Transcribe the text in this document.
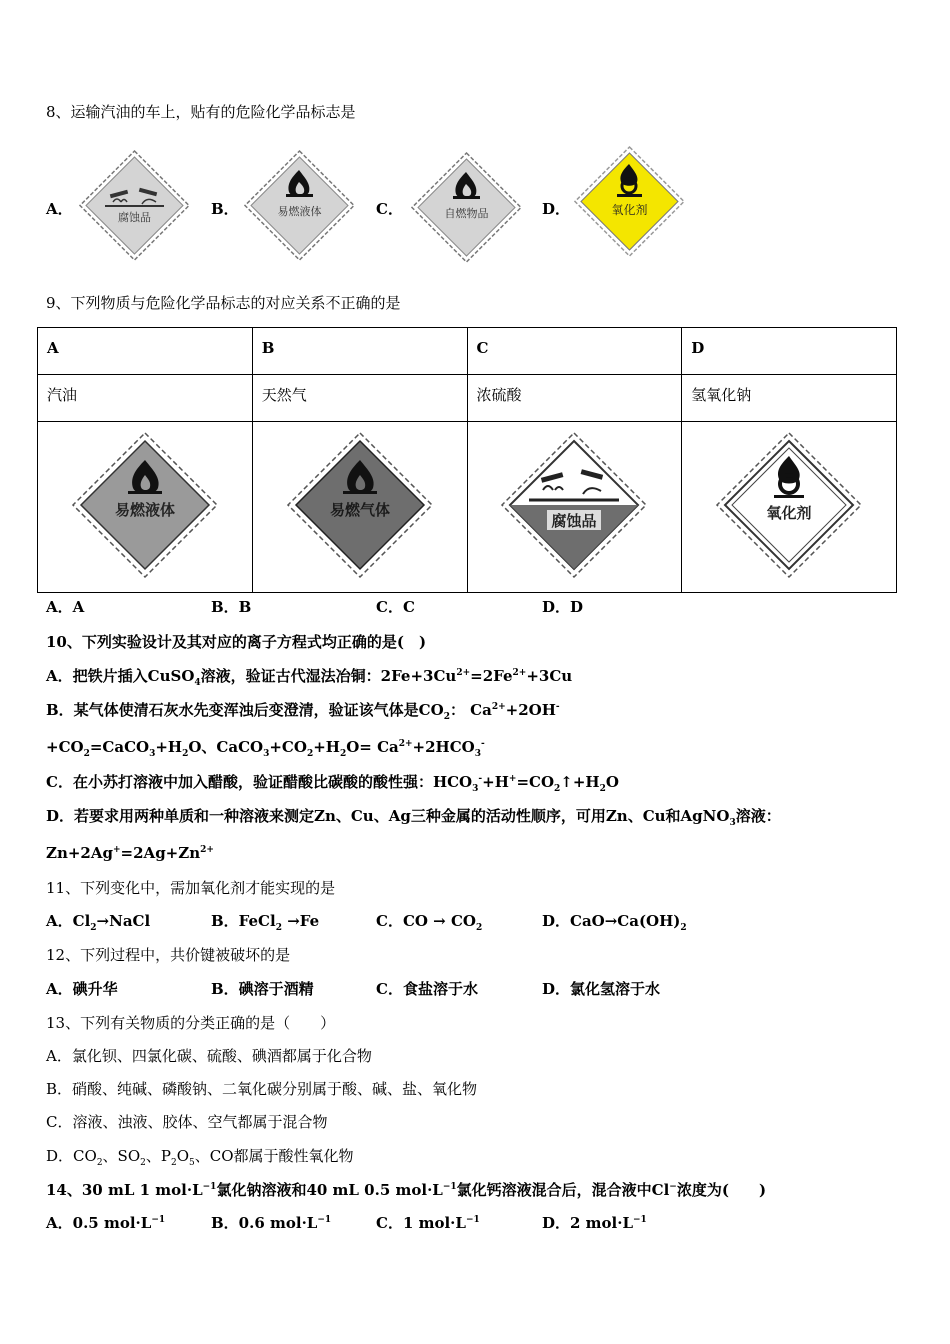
8、运输汽油的车上，贴有的危险化学品标志是
A．	腐蚀品	B．	易燃液体	C．	自燃物品	D．	氧化剂
9、下列物质与危险化学品标志的对应关系不正确的是
A	B	C	D
汽油	天然气	浓硫酸	氢氧化钠

易燃液体	易燃气体	腐蚀品	氧化剂
A．A	B．B	C．C	D．D
10、下列实验设计及其对应的离子方程式均正确的是(　)
A．把铁片插入CuSO$_4$溶液，验证古代湿法冶铜：$2Fe+3Cu^{2+}=2Fe^{2+}+3Cu$
B．某气体使清石灰水先变浑浊后变澄清，验证该气体是$CO_2$： $Ca^{2+}+2OH^-$
$+CO_2=CaCO_3+H_2O$、$CaCO_3+CO_2+H_2O= Ca^{2+}+2HCO_3^-$
C．在小苏打溶液中加入醋酸，验证醋酸比碳酸的酸性强：$HCO_3^-+H^+=CO_2↑+H_2O$
D．若要求用两种单质和一种溶液来测定Zn、Cu、Ag三种金属的活动性顺序，可用Zn、Cu和AgNO$_3$溶液：
$Zn+2Ag^+=2Ag+Zn^{2+}$
11、下列变化中，需加氧化剂才能实现的是
A．$Cl_2\to NaCl$	B．FeCl$_2$ →Fe	C．CO → $CO_2$	D．$CaO\to Ca(OH)_2$
12、下列过程中，共价键被破坏的是
A．碘升华	B．碘溶于酒精	C．食盐溶于水	D．氯化氢溶于水
13、下列有关物质的分类正确的是（　　）
A．氯化钡、四氯化碳、硫酸、碘酒都属于化合物
B．硝酸、纯碱、磷酸钠、二氧化碳分别属于酸、碱、盐、氧化物
C．溶液、浊液、胶体、空气都属于混合物
D．$CO_2$、$SO_2$、$P_2O_5$、CO都属于酸性氧化物
14、30 mL 1 $mol\cdot L^{-1}$氯化钠溶液和40 mL 0.5 $mol\cdot L^{-1}$氯化钙溶液混合后，混合液中Cl−浓度为(　　)
A．0.5 $mol\cdot L^{-1}$	B．0.6 $mol\cdot L^{-1}$	C．1 $mol\cdot L^{-1}$	D．2 $mol\cdot L^{-1}$
